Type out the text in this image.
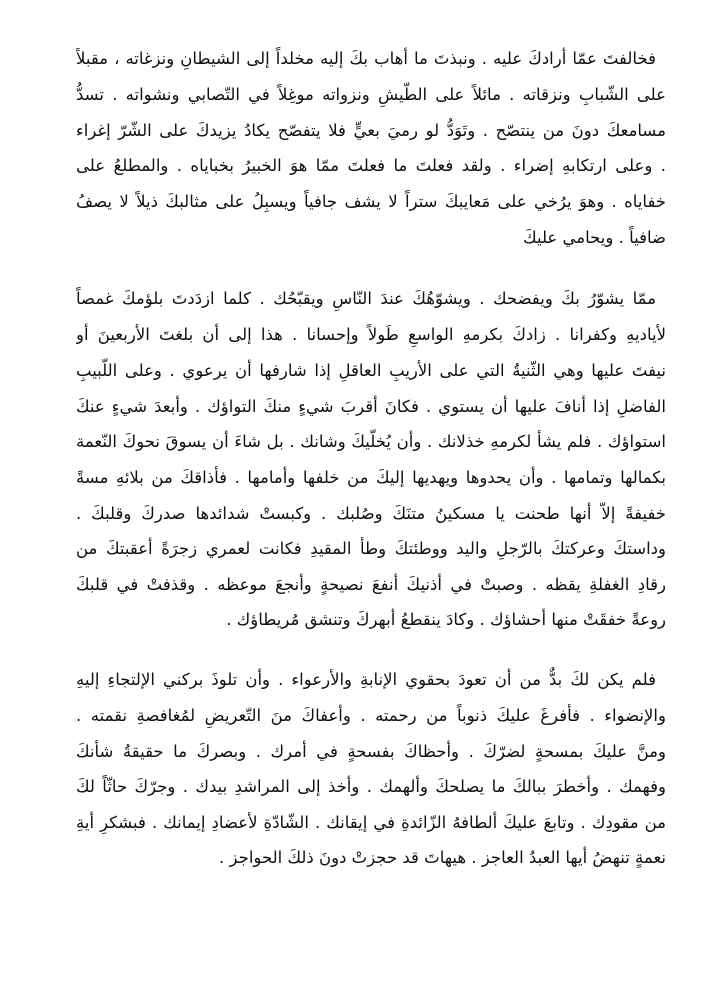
فخالفتَ عمّا أرادكَ عليه . ونبذتَ ما أهاب بكَ إليه مخلداً إلى الشيطانِ ونزغاته ، مقبلاً
على الشّبابِ ونزقاته . مائلاً على الطّيشِ ونزواته موغِلاً في التّصابي ونشواته . تسدُّ
مسامعكَ دونَ من ينتصّح . وتَوَدُّ لو رميَ بعيٍّ فلا يتفصّح يكادُ يزيدكَ على الشّرّ إغراء
. وعلى ارتكابهِ إضراء . ولقد فعلتَ ما فعلتَ ممّا هوَ الخبيرُ بخباياه . والمطلعُ على
خفاياه . وهوَ يرُخي على مَعايبكَ ستراً لا يشف جافياً ويسبِلُ على مثالبكَ ذيلاً لا يصفُ
ضافياً . ويحامي عليكَ
ممّا يشوّرُ بكَ ويفضحك . ويشوّهُكَ عندَ النّاسِ ويقبّحُك . كلما ازدَدتَ بلؤمكَ غمصاً
لأياديهِ وكفرانا . زادكَ بكرمهِ الواسعِ طَولاً وإحسانا . هذا إلى أن بلغتَ الأربعينَ أو
نيفتَ عليها وهي الثّنيةُ التي على الأريبِ العاقلِ إذا شارفها أن يرعوي . وعلى اللّبيبِ
الفاضلِ إذا أنافَ عليها أن يستوي . فكانَ أقربَ شيءٍ منكَ التواؤك . وأبعدَ شيءٍ عنكَ
استواؤك . فلم يشأ لكرمهِ خذلانك . وأن يُخلّيكَ وشانك . بل شاءَ أن يسوقَ نحوكَ النّعمة
بكمالها وتمامها . وأن يحدوها ويهديها إليكَ من خلفها وأمامها . فأذاقكَ من بلائهِ مسةً
خفيفةً إلاّ أنها طحنت يا مسكينُ متنَكَ وصُلبك . وكبستْ شدائدها صدركَ وقلبكَ .
وداستكَ وعركتكَ بالرّجلِ واليد ووطئتكَ وطأ المقيدِ فكانت لعمري زجرَةً أعقبتكَ من
رقادِ الغفلةِ يقظه . وصبتْ في أذنيكَ أنفعَ نصيحةٍ وأنجعَ موعظه . وقذفتْ في قلبكَ
روعةً خفقَتْ منها أحشاؤك . وكادَ ينقطعُ أبهركَ وتنشق مُريطاؤك .
فلم يكن لكَ بدٌّ من أن تعودَ بحقوي الإنابةِ والأرعواء . وأن تلوذَ بركني الإلتجاءِ إليهِ
والإنضواء . فأفرغَ عليكَ ذنوباً من رحمته . وأعفاكَ منَ التّعريضِ لمُغافصةِ نقمته .
ومنَّ عليكَ بمسحةٍ لضرّكَ . وأحظاكَ بفسحةٍ في أمرك . وبصركَ ما حقيقةُ شأنكَ
وفهمك . وأخطرَ ببالكَ ما يصلحكَ وألهمك . وأخذ إلى المراشدِ بيدك . وجرّكَ حاثّاً لكَ
من مقودِك . وتابعَ عليكَ ألطافهُ الزّائدةِ في إيقانك . الشّادّةِ لأعضادِ إيمانك . فبشكرِ أيةِ
نعمةٍ تنهضُ أيها العبدُ العاجز . هيهاتَ قد حجزتْ دونَ ذلكَ الحواجز .
